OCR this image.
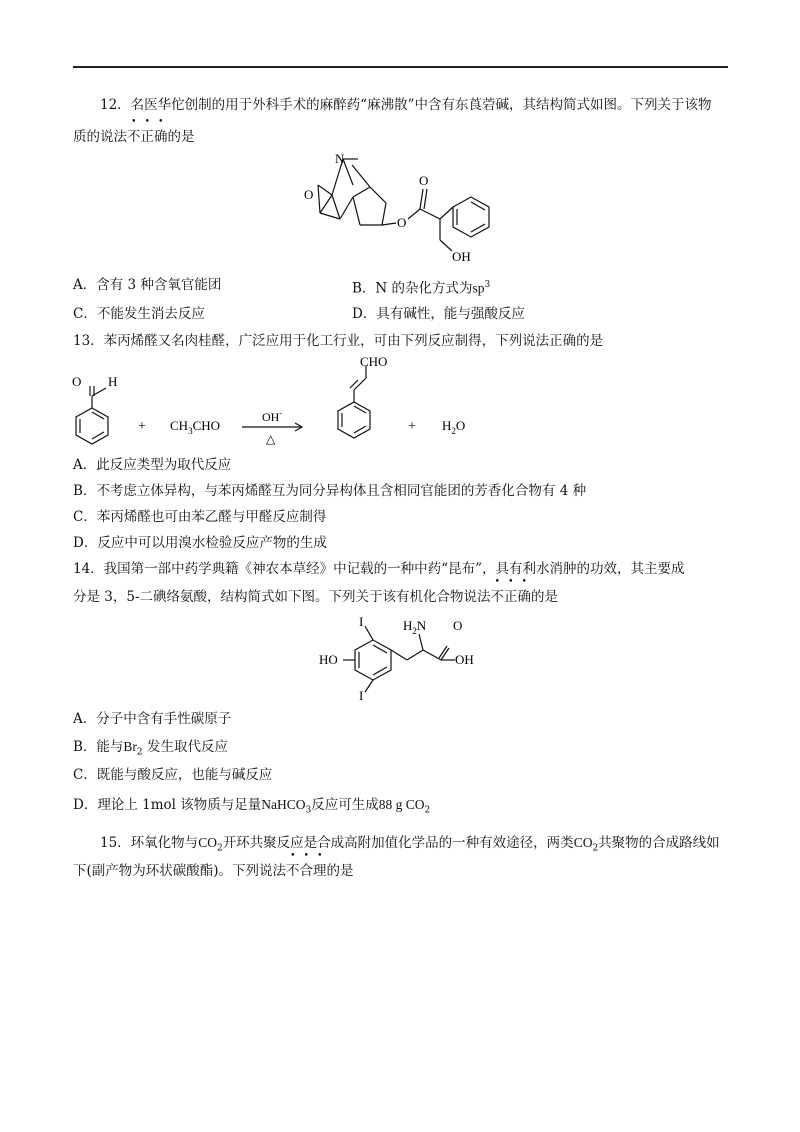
12．名医华佗创制的用于外科手术的麻醉药“麻沸散”中含有东莨菪碱，其结构简式如图。下列关于该物
质的说法不正确的是
N
O
O
O
OH
A．含有 3 种含氧官能团	B．N 的杂化方式为$sp^3$
C．不能发生消去反应	D．具有碱性，能与强酸反应
13．苯丙烯醛又名肉桂醛，广泛应用于化工行业，可由下列反应制得，下列说法正确的是
O H
+ $CH_3CHO$
OH-
△
CHO
+ $H_2O$
A．此反应类型为取代反应
B．不考虑立体异构，与苯丙烯醛互为同分异构体且含相同官能团的芳香化合物有 4 种
C．苯丙烯醛也可由苯乙醛与甲醛反应制得
D．反应中可以用溴水检验反应产物的生成
14．我国第一部中药学典籍《神农本草经》中记载的一种中药“昆布”，具有利水消肿的功效，其主要成
分是 3，5-二碘络氨酸，结构简式如下图。下列关于该有机化合物说法不正确的是
I
I
HO
$H_2N$ O
OH
A．分子中含有手性碳原子
B．能与$Br_2$ 发生取代反应
C．既能与酸反应，也能与碱反应
D．理论上 1mol 该物质与足量NaHCO$_3$反应可生成88 g $CO_2$
15．环氧化物与$CO_2$开环共聚反应是合成高附加值化学品的一种有效途径，两类$CO_2$共聚物的合成路线如
下(副产物为环状碳酸酯)。下列说法不合理的是
